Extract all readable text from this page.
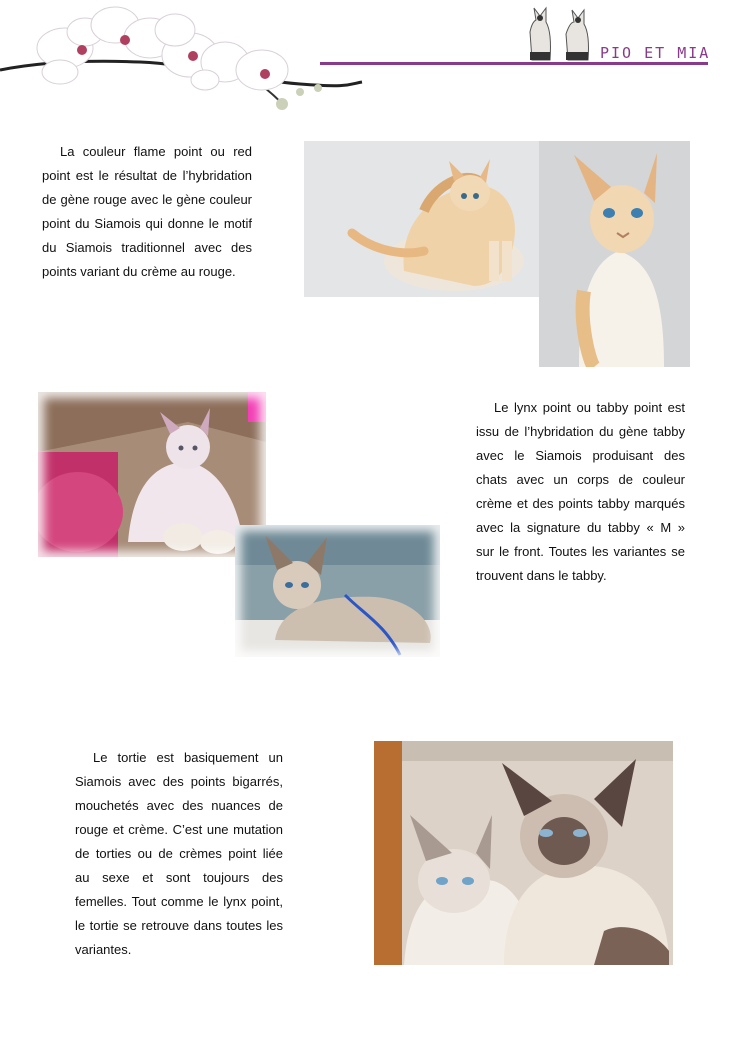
PIO ET MIA

La couleur flame point ou red point est le résultat de l’hybridation de gène rouge avec le gène couleur point du Siamois qui donne le motif du Siamois traditionnel avec des points variant du crème au rouge.

Le lynx point ou tabby point est issu de l’hybridation du gène tabby avec le Siamois produisant des chats avec un corps de couleur crème et des points tabby marqués avec la signature du tabby « M » sur le front. Toutes les variantes se trouvent dans le tabby.

Le tortie est basiquement un Siamois avec des points bigarrés, mouchetés avec des nuances de rouge et crème. C’est une mutation de torties ou de crèmes point liée au sexe et sont toujours des femelles. Tout comme le lynx point, le tortie se retrouve dans toutes les variantes.
